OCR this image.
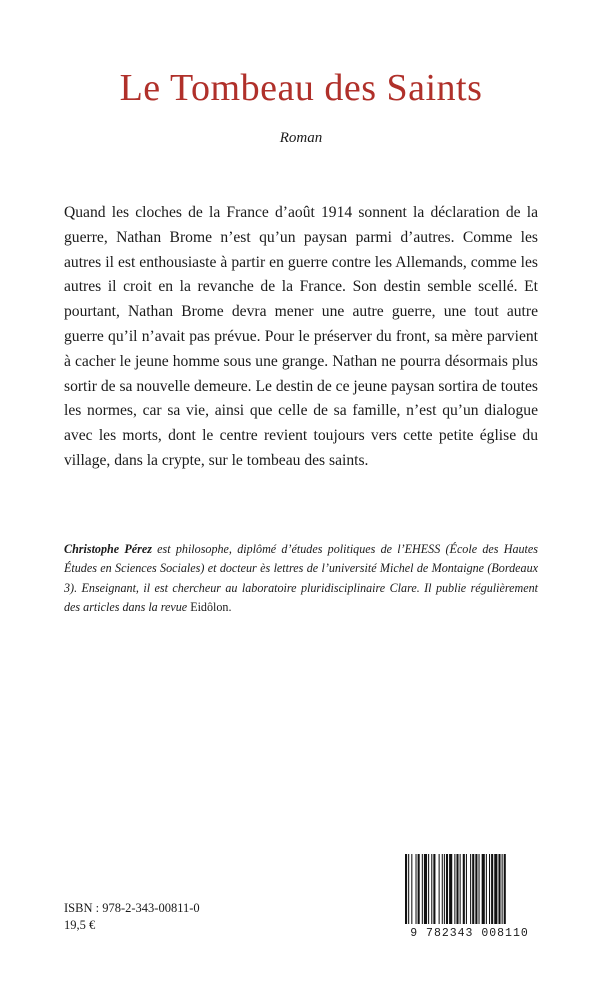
Le Tombeau des Saints
Roman
Quand les cloches de la France d’août 1914 sonnent la déclaration de la guerre, Nathan Brome n’est qu’un paysan parmi d’autres. Comme les autres il est enthousiaste à partir en guerre contre les Allemands, comme les autres il croit en la revanche de la France. Son destin semble scellé. Et pourtant, Nathan Brome devra mener une autre guerre, une tout autre guerre qu’il n’avait pas prévue. Pour le préserver du front, sa mère parvient à cacher le jeune homme sous une grange. Nathan ne pourra désormais plus sortir de sa nouvelle demeure. Le destin de ce jeune paysan sortira de toutes les normes, car sa vie, ainsi que celle de sa famille, n’est qu’un dialogue avec les morts, dont le centre revient toujours vers cette petite église du village, dans la crypte, sur le tombeau des saints.
Christophe Pérez est philosophe, diplômé d’études politiques de l’EHESS (École des Hautes Études en Sciences Sociales) et docteur ès lettres de l’université Michel de Montaigne (Bordeaux 3). Enseignant, il est chercheur au laboratoire pluridisciplinaire Clare. Il publie régulièrement des articles dans la revue Eidôlon.
ISBN : 978-2-343-00811-0
19,5 €
9 782343 008110
